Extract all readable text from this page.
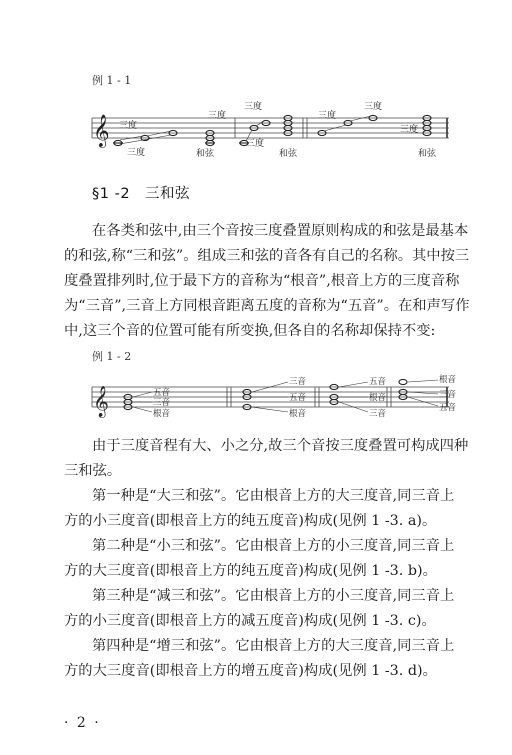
例 1 - 1
𝄞 三度
三度	和弦
三度
三度
三度
和弦
三度
三度
三度
和弦
§1 -2　三和弦
在各类和弦中,由三个音按三度叠置原则构成的和弦是最基本
的和弦,称“三和弦”。组成三和弦的音各有自己的名称。其中按三
度叠置排列时,位于最下方的音称为“根音”,根音上方的三度音称
为“三音”,三音上方同根音距离五度的音称为“五音”。在和声写作
中,这三个音的位置可能有所变换,但各自的名称却保持不变:
例 1 - 2
𝄞	五音
三音
根音
三音
五音
根音
五音
根音
三音
根音
三音
五音
由于三度音程有大、小之分,故三个音按三度叠置可构成四种
三和弦。
第一种是“大三和弦”。它由根音上方的大三度音,同三音上
方的小三度音(即根音上方的纯五度音)构成(见例 1 -3. a)。
第二种是“小三和弦”。它由根音上方的小三度音,同三音上
方的大三度音(即根音上方的纯五度音)构成(见例 1 -3. b)。
第三种是“减三和弦”。它由根音上方的小三度音,同三音上
方的小三度音(即根音上方的减五度音)构成(见例 1 -3. c)。
第四种是“增三和弦”。它由根音上方的大三度音,同三音上
方的大三度音(即根音上方的增五度音)构成(见例 1 -3. d)。
· 2 ·
